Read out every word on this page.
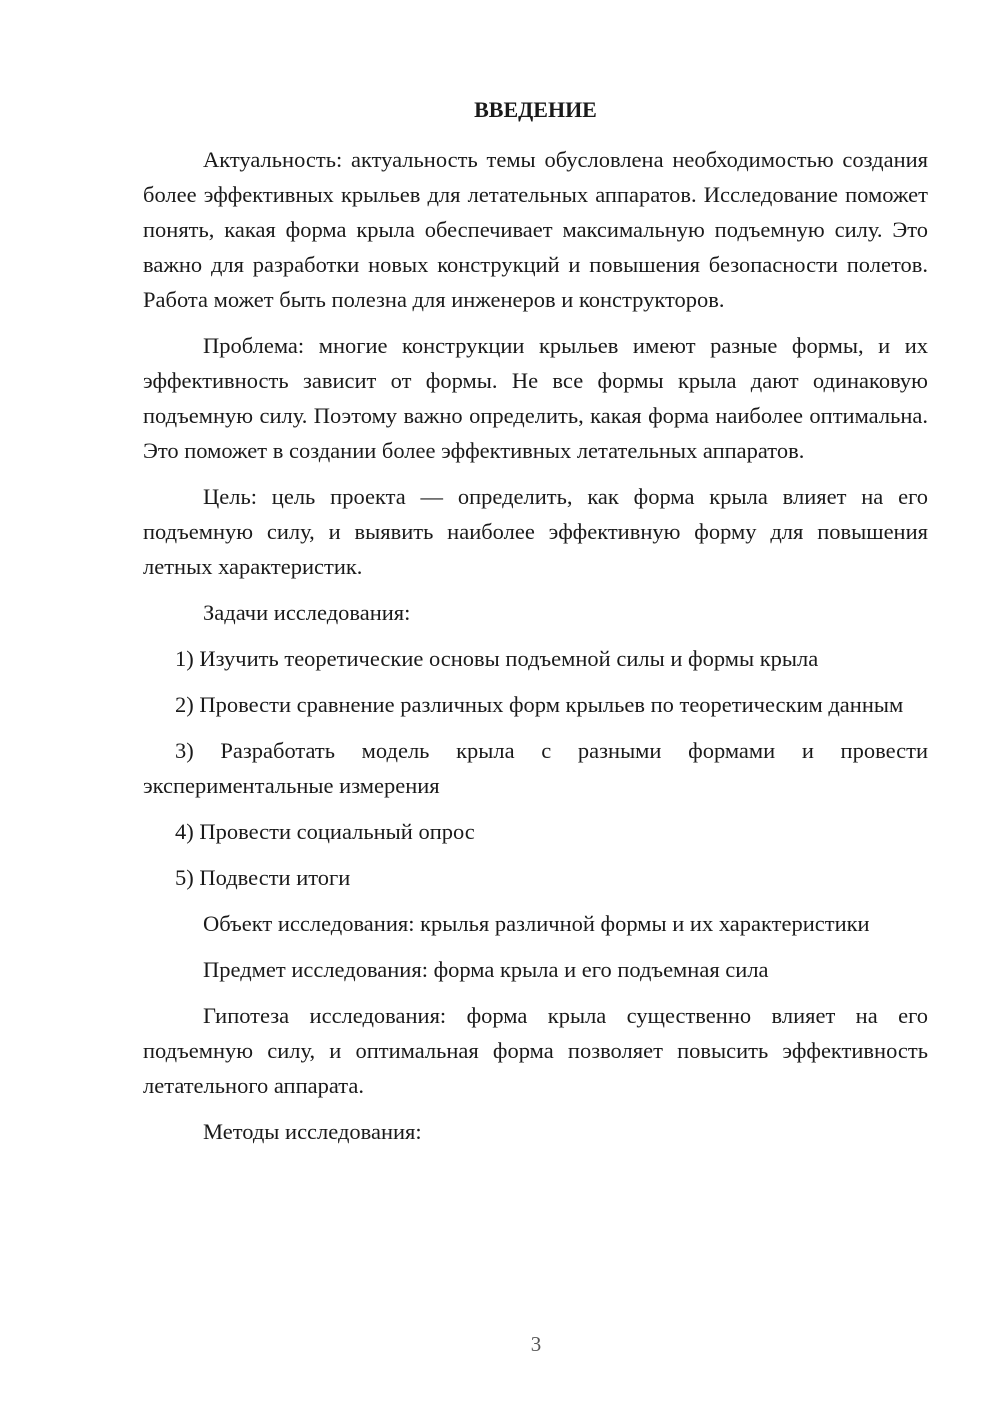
ВВЕДЕНИЕ

Актуальность: актуальность темы обусловлена необходимостью создания более эффективных крыльев для летательных аппаратов. Исследование поможет понять, какая форма крыла обеспечивает максимальную подъемную силу. Это важно для разработки новых конструкций и повышения безопасности полетов. Работа может быть полезна для инженеров и конструкторов.

Проблема: многие конструкции крыльев имеют разные формы, и их эффективность зависит от формы. Не все формы крыла дают одинаковую подъемную силу. Поэтому важно определить, какая форма наиболее оптимальна. Это поможет в создании более эффективных летательных аппаратов.

Цель: цель проекта — определить, как форма крыла влияет на его подъемную силу, и выявить наиболее эффективную форму для повышения летных характеристик.

Задачи исследования:

1) Изучить теоретические основы подъемной силы и формы крыла

2) Провести сравнение различных форм крыльев по теоретическим данным

3) Разработать модель крыла с разными формами и провести экспериментальные измерения

4) Провести социальный опрос

5) Подвести итоги

Объект исследования: крылья различной формы и их характеристики

Предмет исследования: форма крыла и его подъемная сила

Гипотеза исследования: форма крыла существенно влияет на его подъемную силу, и оптимальная форма позволяет повысить эффективность летательного аппарата.

Методы исследования:

3
